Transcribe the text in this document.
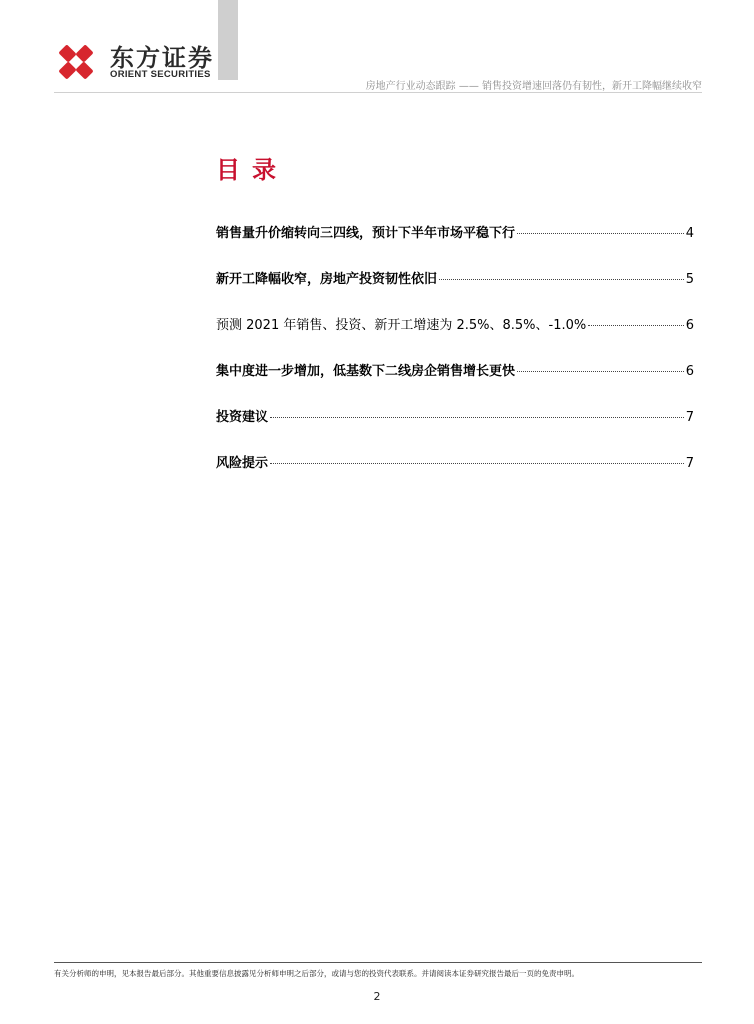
东方证券
ORIENT SECURITIES
房地产行业动态跟踪 —— 销售投资增速回落仍有韧性，新开工降幅继续收窄
目录
销售量升价缩转向三四线，预计下半年市场平稳下行	4
新开工降幅收窄，房地产投资韧性依旧	5
预测 2021 年销售、投资、新开工增速为 2.5%、8.5%、-1.0%	6
集中度进一步增加，低基数下二线房企销售增长更快	6
投资建议	7
风险提示	7
有关分析师的申明，见本报告最后部分。其他重要信息披露见分析师申明之后部分，或请与您的投资代表联系。并请阅读本证券研究报告最后一页的免责申明。
2
